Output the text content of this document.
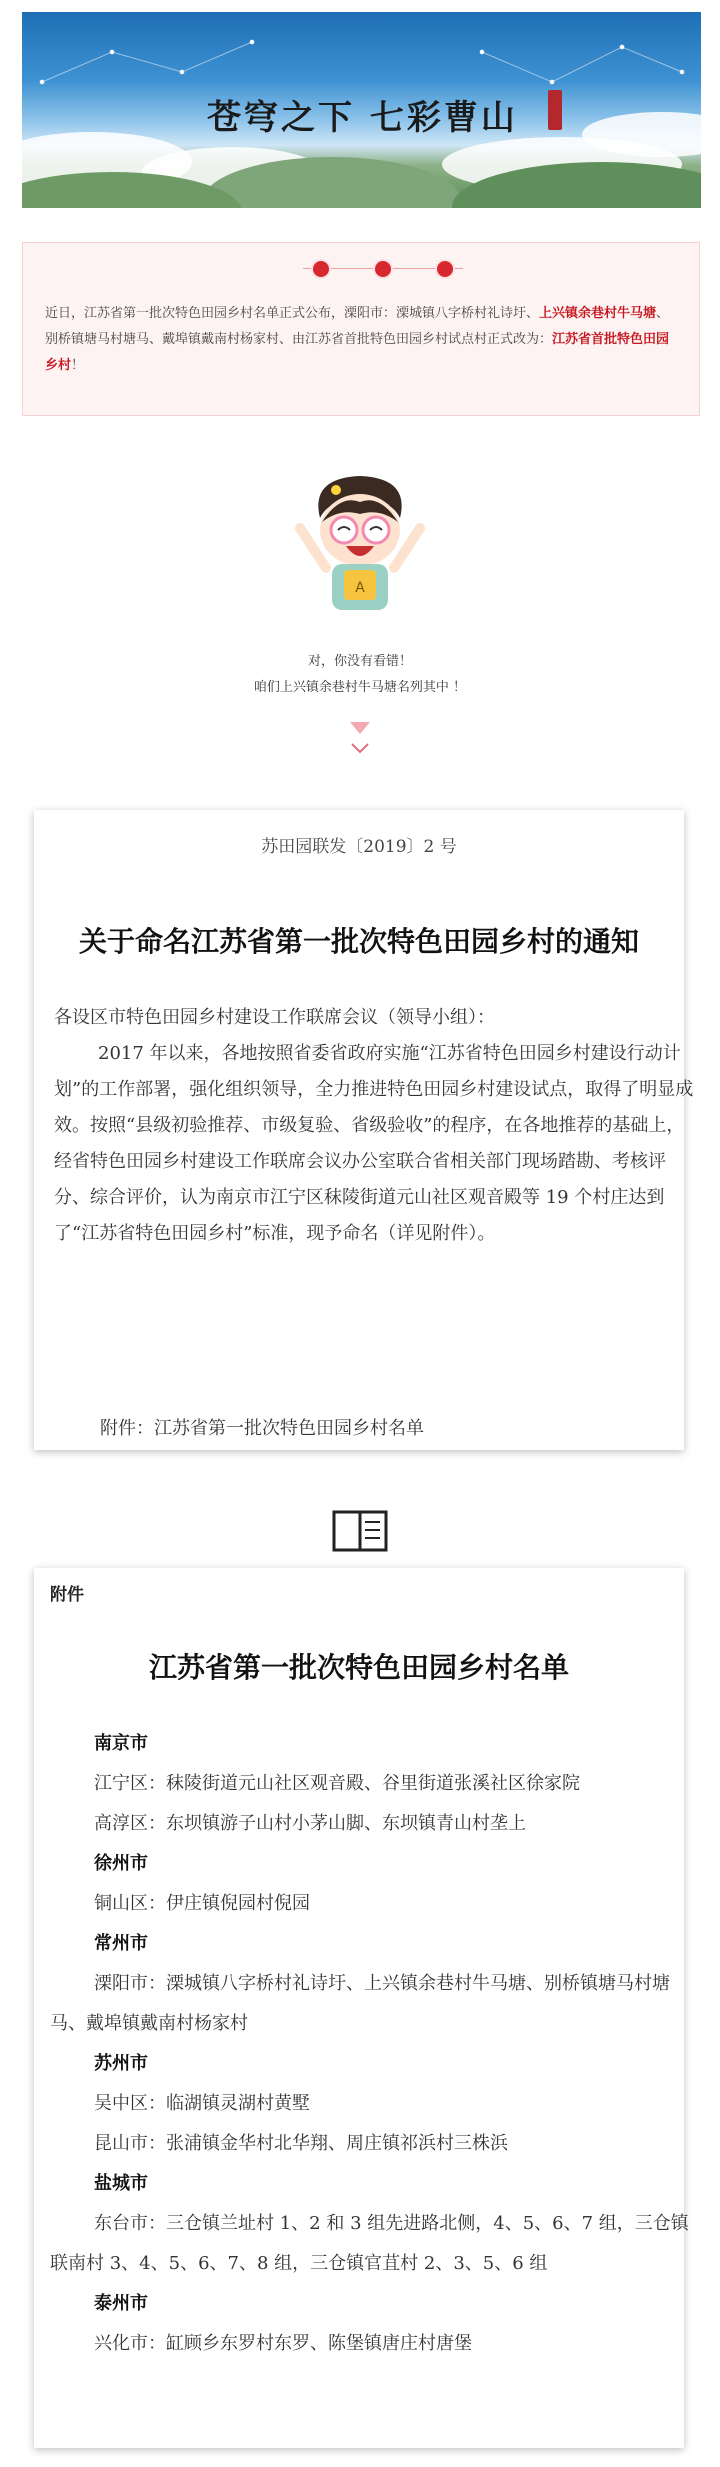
苍穹之下 七彩曹山

近日，江苏省第一批次特色田园乡村名单正式公布，溧阳市：溧城镇八字桥村礼诗圩、上兴镇余巷村牛马塘、别桥镇塘马村塘马、戴埠镇戴南村杨家村、由江苏省首批特色田园乡村试点村正式改为：江苏省首批特色田园乡村！

A
对，你没有看错！
咱们上兴镇余巷村牛马塘名列其中 ！
苏田园联发〔2019〕2 号
关于命名江苏省第一批次特色田园乡村的通知

各设区市特色田园乡村建设工作联席会议（领导小组）：

2017 年以来，各地按照省委省政府实施“江苏省特色田园乡村建设行动计划”的工作部署，强化组织领导，全力推进特色田园乡村建设试点，取得了明显成效。按照“县级初验推荐、市级复验、省级验收”的程序，在各地推荐的基础上，经省特色田园乡村建设工作联席会议办公室联合省相关部门现场踏勘、考核评分、综合评价，认为南京市江宁区秣陵街道元山社区观音殿等 19 个村庄达到了“江苏省特色田园乡村”标准，现予命名（详见附件）。

附件：江苏省第一批次特色田园乡村名单
附件
江苏省第一批次特色田园乡村名单
南京市
江宁区：秣陵街道元山社区观音殿、谷里街道张溪社区徐家院
高淳区：东坝镇游子山村小茅山脚、东坝镇青山村垄上
徐州市
铜山区：伊庄镇倪园村倪园
常州市
溧阳市：溧城镇八字桥村礼诗圩、上兴镇余巷村牛马塘、别桥镇塘马村塘马、戴埠镇戴南村杨家村
苏州市
吴中区：临湖镇灵湖村黄墅
昆山市：张浦镇金华村北华翔、周庄镇祁浜村三株浜
盐城市
东台市：三仓镇兰址村 1、2 和 3 组先进路北侧，4、5、6、7 组，三仓镇联南村 3、4、5、6、7、8 组，三仓镇官苴村 2、3、5、6 组
泰州市
兴化市：缸顾乡东罗村东罗、陈堡镇唐庄村唐堡
